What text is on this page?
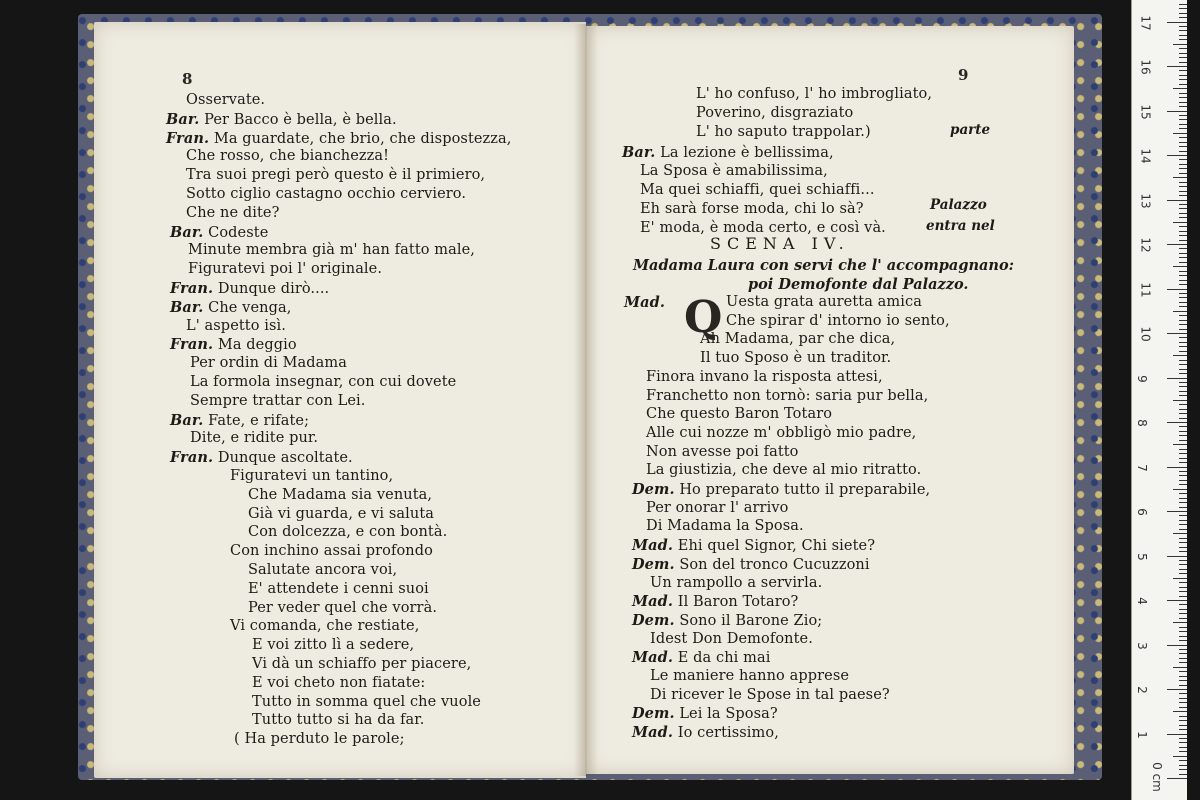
Osservate.
Bar. Per Bacco è bella, è bella.
Fran. Ma guardate, che brio, che dispostezza,
Che rosso, che bianchezza!
Tra suoi pregi però questo è il primiero,
Sotto ciglio castagno occhio cerviero.
Che ne dite?
Bar. Codeste
Minute membra già m' han fatto male,
Figuratevi poi l' originale.
Fran. Dunque dirò....
Bar. Che venga,
L' aspetto isì.
Fran. Ma deggio
Per ordin di Madama
La formola insegnar, con cui dovete
Sempre trattar con Lei.
Bar. Fate, e rifate;
Dite, e ridite pur.
Fran. Dunque ascoltate.
Figuratevi un tantino,
Che Madama sia venuta,
Già vi guarda, e vi saluta
Con dolcezza, e con bontà.
Con inchino assai profondo
Salutate ancora voi,
E' attendete i cenni suoi
Per veder quel che vorrà.
Vi comanda, che restiate,
E voi zitto lì a sedere,
Vi dà un schiaffo per piacere,
E voi cheto non fiatate:
Tutto in somma quel che vuole
Tutto tutto si ha da far.
( Ha perduto le parole;
L' ho confuso, l' ho imbrogliato,
Poverino, disgraziato
L' ho saputo trappolar.)
Bar. La lezione è bellissima,
La Sposa è amabilissima,
Ma quei schiaffi, quei schiaffi...
Eh sarà forse moda, chi lo sà?
E' moda, è moda certo, e così và.
Mad.	Uesta grata auretta amica
Che spirar d' intorno io sento,
Ah Madama, par che dica,
Il tuo Sposo è un traditor.
Finora invano la risposta attesi,
Franchetto non tornò: saria pur bella,
Che questo Baron Totaro
Alle cui nozze m' obbligò mio padre,
Non avesse poi fatto
La giustizia, che deve al mio ritratto.
Dem. Ho preparato tutto il preparabile,
Per onorar l' arrivo
Di Madama la Sposa.
Mad. Ehi quel Signor, Chi siete?
Dem. Son del tronco Cucuzzoni
Un rampollo a servirla.
Mad. Il Baron Totaro?
Dem. Sono il Barone Zio;
Idest Don Demofonte.
Mad. E da chi mai
Le maniere hanno apprese
Di ricever le Spose in tal paese?
Dem. Lei la Sposa?
Mad. Io certissimo,
8	9
parte
Palazzo
entra nel
SCENA IV.
Madama Laura con servi che l' accompagnano:
poi Demofonte dal Palazzo.
Q
0 cm
1
2
3
4
5
6
7
8
9
10
11
12
13
14
15
16
17
